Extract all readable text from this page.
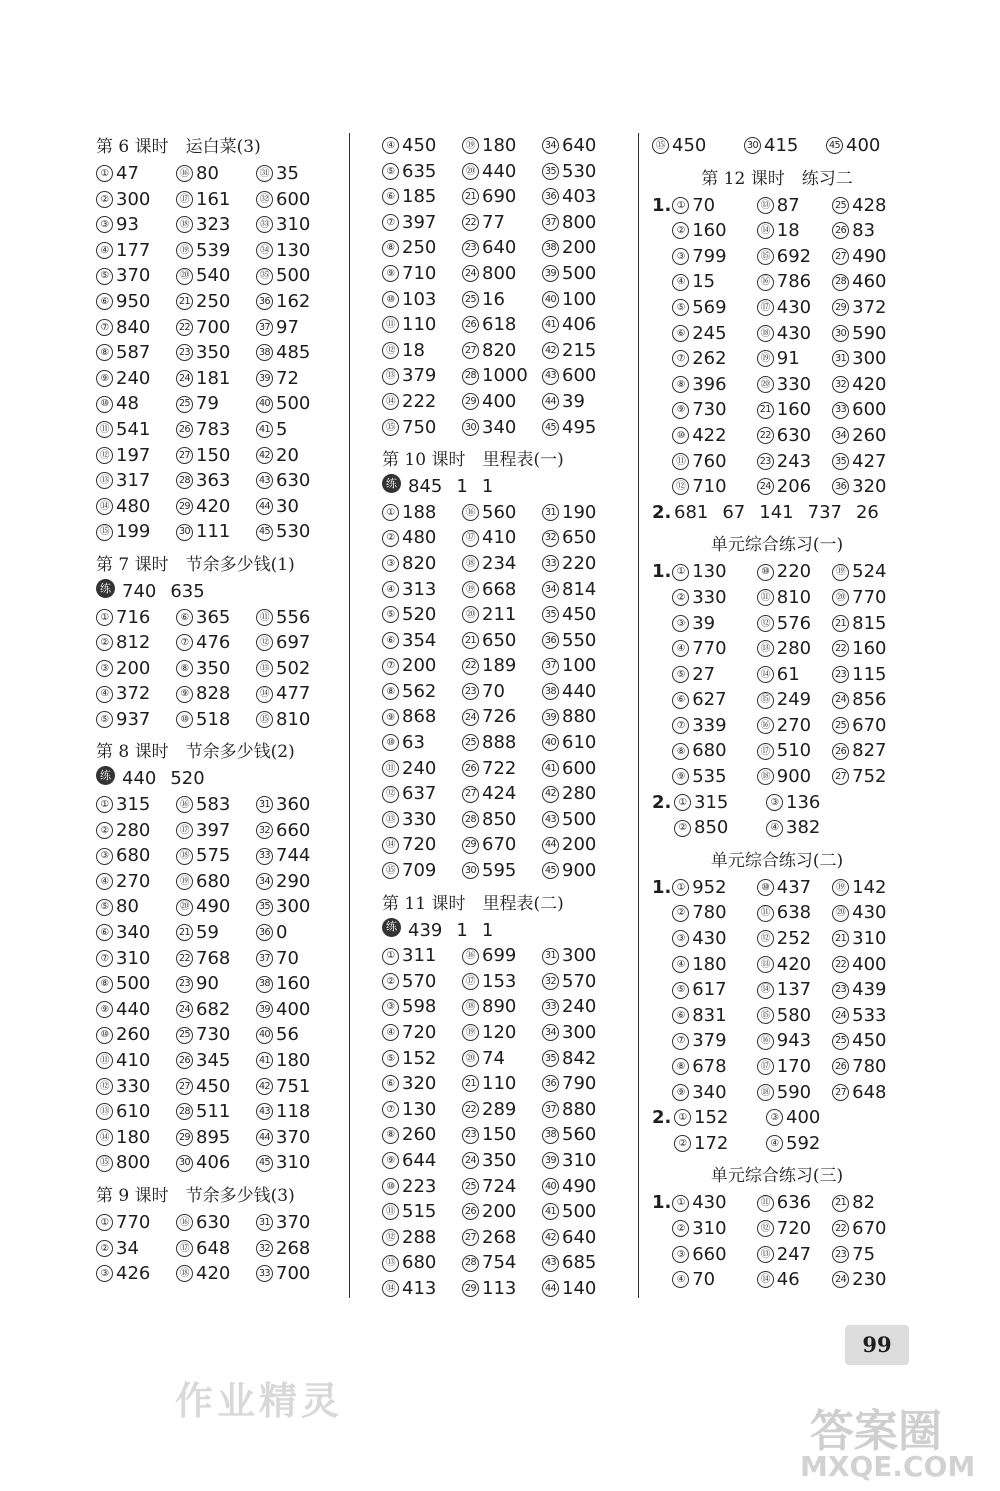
第 6 课时　运白菜(3)
① 47	⑯ 80	㉛ 35
② 300	⑰ 161	㉜ 600
③ 93	⑱ 323	㉝ 310
④ 177	⑲ 539	㉞ 130
⑤ 370	⑳ 540	㉟ 500
⑥ 950	21 250	36 162
⑦ 840	22 700	37 97
⑧ 587	23 350	38 485
⑨ 240	24 181	39 72
⑩ 48	25 79	40 500
⑪ 541	26 783	41 5
⑫ 197	27 150	42 20
⑬ 317	28 363	43 630
⑭ 480	29 420	44 30
⑮ 199	30 111	45 530
第 7 课时　节余多少钱(1)
练 740 635
① 716	⑥ 365	⑪ 556
② 812	⑦ 476	⑫ 697
③ 200	⑧ 350	⑬ 502
④ 372	⑨ 828	⑭ 477
⑤ 937	⑩ 518	⑮ 810
第 8 课时　节余多少钱(2)
练 440 520
① 315	⑯ 583	31 360
② 280	⑰ 397	32 660
③ 680	⑱ 575	33 744
④ 270	⑲ 680	34 290
⑤ 80	⑳ 490	35 300
⑥ 340	21 59	36 0
⑦ 310	22 768	37 70
⑧ 500	23 90	38 160
⑨ 440	24 682	39 400
⑩ 260	25 730	40 56
⑪ 410	26 345	41 180
⑫ 330	27 450	42 751
⑬ 610	28 511	43 118
⑭ 180	29 895	44 370
⑮ 800	30 406	45 310
第 9 课时　节余多少钱(3)
① 770	⑯ 630	31 370
② 34	⑰ 648	32 268
③ 426	⑱ 420	33 700
④ 450	⑲ 180	34 640
⑤ 635	⑳ 440	35 530
⑥ 185	21 690	36 403
⑦ 397	22 77	37 800
⑧ 250	23 640	38 200
⑨ 710	24 800	39 500
⑩ 103	25 16	40 100
⑪ 110	26 618	41 406
⑫ 18	27 820	42 215
⑬ 379	28 1000	43 600
⑭ 222	29 400	44 39
⑮ 750	30 340	45 495
第 10 课时　里程表(一)
练 845 1 1
① 188	⑯ 560	31 190
② 480	⑰ 410	32 650
③ 820	⑱ 234	33 220
④ 313	⑲ 668	34 814
⑤ 520	⑳ 211	35 450
⑥ 354	21 650	36 550
⑦ 200	22 189	37 100
⑧ 562	23 70	38 440
⑨ 868	24 726	39 880
⑩ 63	25 888	40 610
⑪ 240	26 722	41 600
⑫ 637	27 424	42 280
⑬ 330	28 850	43 500
⑭ 720	29 670	44 200
⑮ 709	30 595	45 900
第 11 课时　里程表(二)
练 439 1 1
① 311	⑯ 699	31 300
② 570	⑰ 153	32 570
③ 598	⑱ 890	33 240
④ 720	⑲ 120	34 300
⑤ 152	⑳ 74	35 842
⑥ 320	21 110	36 790
⑦ 130	22 289	37 880
⑧ 260	23 150	38 560
⑨ 644	24 350	39 310
⑩ 223	25 724	40 490
⑪ 515	26 200	41 500
⑫ 288	27 268	42 640
⑬ 680	28 754	43 685
⑭ 413	29 113	44 140
⑮ 450	30 415	45 400
第 12 课时　练习二
1. ① 70	⑬ 87	25 428
② 160	⑭ 18	26 83
③ 799	⑮ 692	27 490
④ 15	⑯ 786	28 460
⑤ 569	⑰ 430	29 372
⑥ 245	⑱ 430	30 590
⑦ 262	⑲ 91	31 300
⑧ 396	⑳ 330	32 420
⑨ 730	21 160	33 600
⑩ 422	22 630	34 260
⑪ 760	23 243	35 427
⑫ 710	24 206	36 320
2. 681 67 141 737 26
单元综合练习(一)
1. ① 130	⑩ 220	⑲ 524
② 330	⑪ 810	⑳ 770
③ 39	⑫ 576	21 815
④ 770	⑬ 280	22 160
⑤ 27	⑭ 61	23 115
⑥ 627	⑮ 249	24 856
⑦ 339	⑯ 270	25 670
⑧ 680	⑰ 510	26 827
⑨ 535	⑱ 900	27 752
2. ① 315	③ 136
② 850	④ 382
单元综合练习(二)
1. ① 952	⑩ 437	⑲ 142
② 780	⑪ 638	⑳ 430
③ 430	⑫ 252	21 310
④ 180	⑬ 420	22 400
⑤ 617	⑭ 137	23 439
⑥ 831	⑮ 580	24 533
⑦ 379	⑯ 943	25 450
⑧ 678	⑰ 170	26 780
⑨ 340	⑱ 590	27 648
2. ① 152	③ 400
② 172	④ 592
单元综合练习(三)
1. ① 430	⑪ 636	21 82
② 310	⑫ 720	22 670
③ 660	⑬ 247	23 75
④ 70	⑭ 46	24 230
99
作业精灵
答案圈
MXQE.COM
